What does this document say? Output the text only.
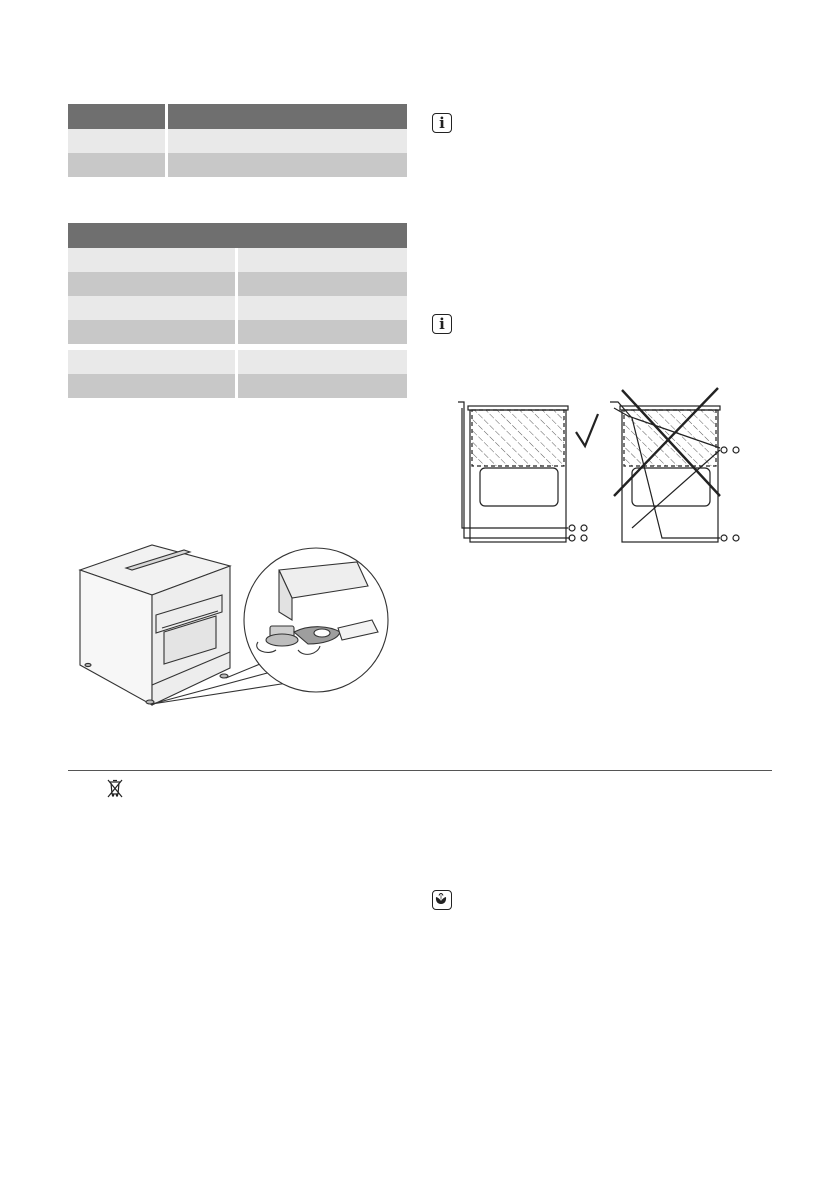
i
i
